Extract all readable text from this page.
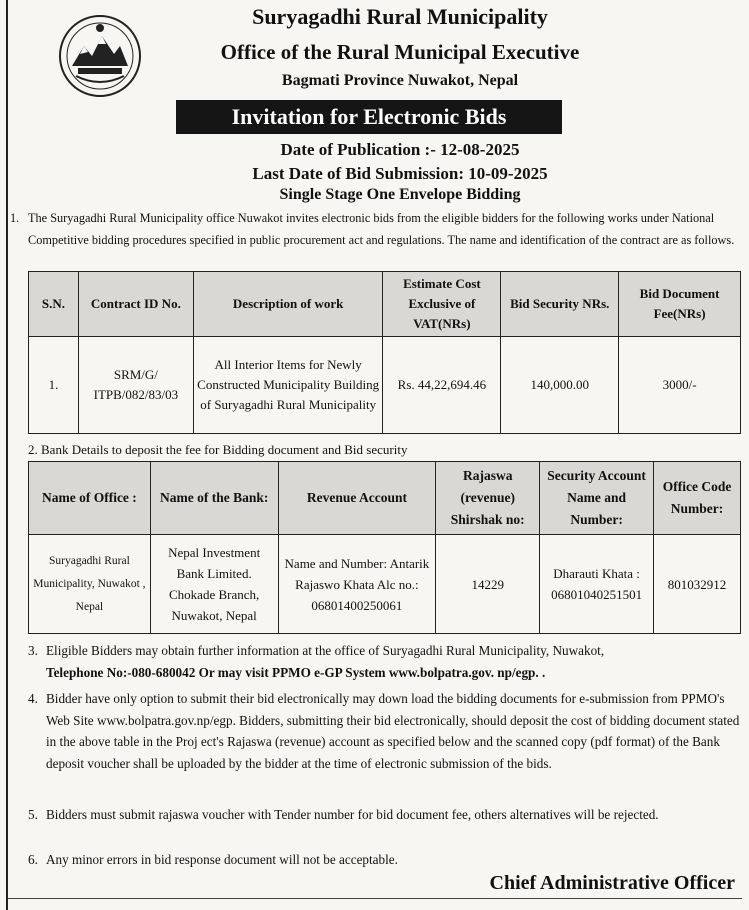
Suryagadhi Rural Municipality
Office of the Rural Municipal Executive
Bagmati Province Nuwakot, Nepal
Invitation for Electronic Bids
Date of Publication :- 12-08-2025
Last Date of Bid Submission: 10-09-2025
Single Stage One Envelope Bidding
1. The Suryagadhi Rural Municipality office Nuwakot invites electronic bids from the eligible bidders for the following works under National Competitive bidding procedures specified in public procurement act and regulations. The name and identification of the contract are as follows.
S.N.	Contract ID No.	Description of work	Estimate Cost Exclusive of VAT(NRs)	Bid Security NRs.	Bid Document Fee(NRs)
1.	SRM/G/ ITPB/082/83/03	All Interior Items for Newly Constructed Municipality Building of Suryagadhi Rural Municipality	Rs. 44,22,694.46	140,000.00	3000/-
2. Bank Details to deposit the fee for Bidding document and Bid security
Name of Office :	Name of the Bank:	Revenue Account	Rajaswa (revenue) Shirshak no:	Security Account Name and Number:	Office Code Number:
Suryagadhi Rural Municipality, Nuwakot , Nepal	Nepal Investment Bank Limited. Chokade Branch, Nuwakot, Nepal	Name and Number: Antarik Rajaswo Khata Alc no.: 06801400250061	14229	Dharauti Khata : 06801040251501	801032912
3. Eligible Bidders may obtain further information at the office of Suryagadhi Rural Municipality, Nuwakot,
Telephone No:-080-680042 Or may visit PPMO e-GP System www.bolpatra.gov. np/egp. .
4. Bidder have only option to submit their bid electronically may down load the bidding documents for e-submission from PPMO's Web Site www.bolpatra.gov.np/egp. Bidders, submitting their bid electronically, should deposit the cost of bidding document stated in the above table in the Proj ect's Rajaswa (revenue) account as specified below and the scanned copy (pdf format) of the Bank deposit voucher shall be uploaded by the bidder at the time of electronic submission of the bids.
5. Bidders must submit rajaswa voucher with Tender number for bid document fee, others alternatives will be rejected.
6. Any minor errors in bid response document will not be acceptable.
Chief Administrative Officer
